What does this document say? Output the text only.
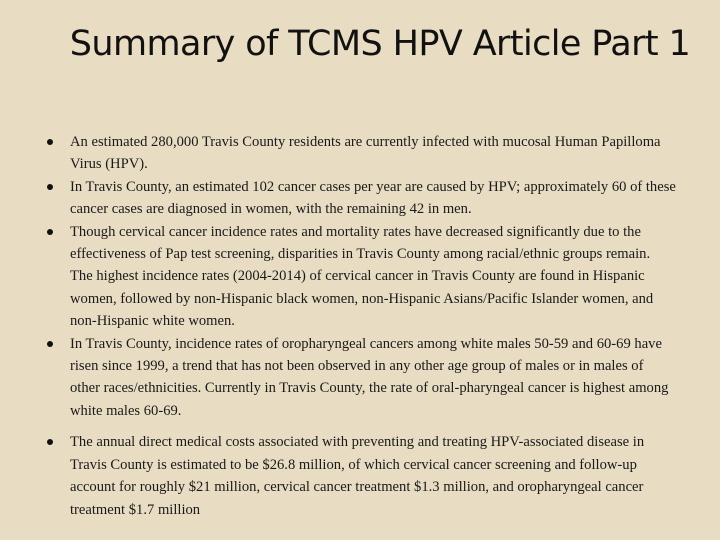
Summary of TCMS HPV Article Part 1
An estimated 280,000 Travis County residents are currently infected with mucosal Human Papilloma Virus (HPV).
In Travis County, an estimated 102 cancer cases per year are caused by HPV; approximately 60 of these cancer cases are diagnosed in women, with the remaining 42 in men.
Though cervical cancer incidence rates and mortality rates have decreased significantly due to the effectiveness of Pap test screening, disparities in Travis County among racial/ethnic groups remain. The highest incidence rates (2004-2014) of cervical cancer in Travis County are found in Hispanic women, followed by non-Hispanic black women, non-Hispanic Asians/Pacific Islander women, and non-Hispanic white women.
In Travis County, incidence rates of oropharyngeal cancers among white males 50-59 and 60-69 have risen since 1999, a trend that has not been observed in any other age group of males or in males of other races/ethnicities. Currently in Travis County, the rate of oral-pharyngeal cancer is highest among white males 60-69.
The annual direct medical costs associated with preventing and treating HPV-associated disease in Travis County is estimated to be $26.8 million, of which cervical cancer screening and follow-up account for roughly $21 million, cervical cancer treatment $1.3 million, and oropharyngeal cancer treatment $1.7 million
